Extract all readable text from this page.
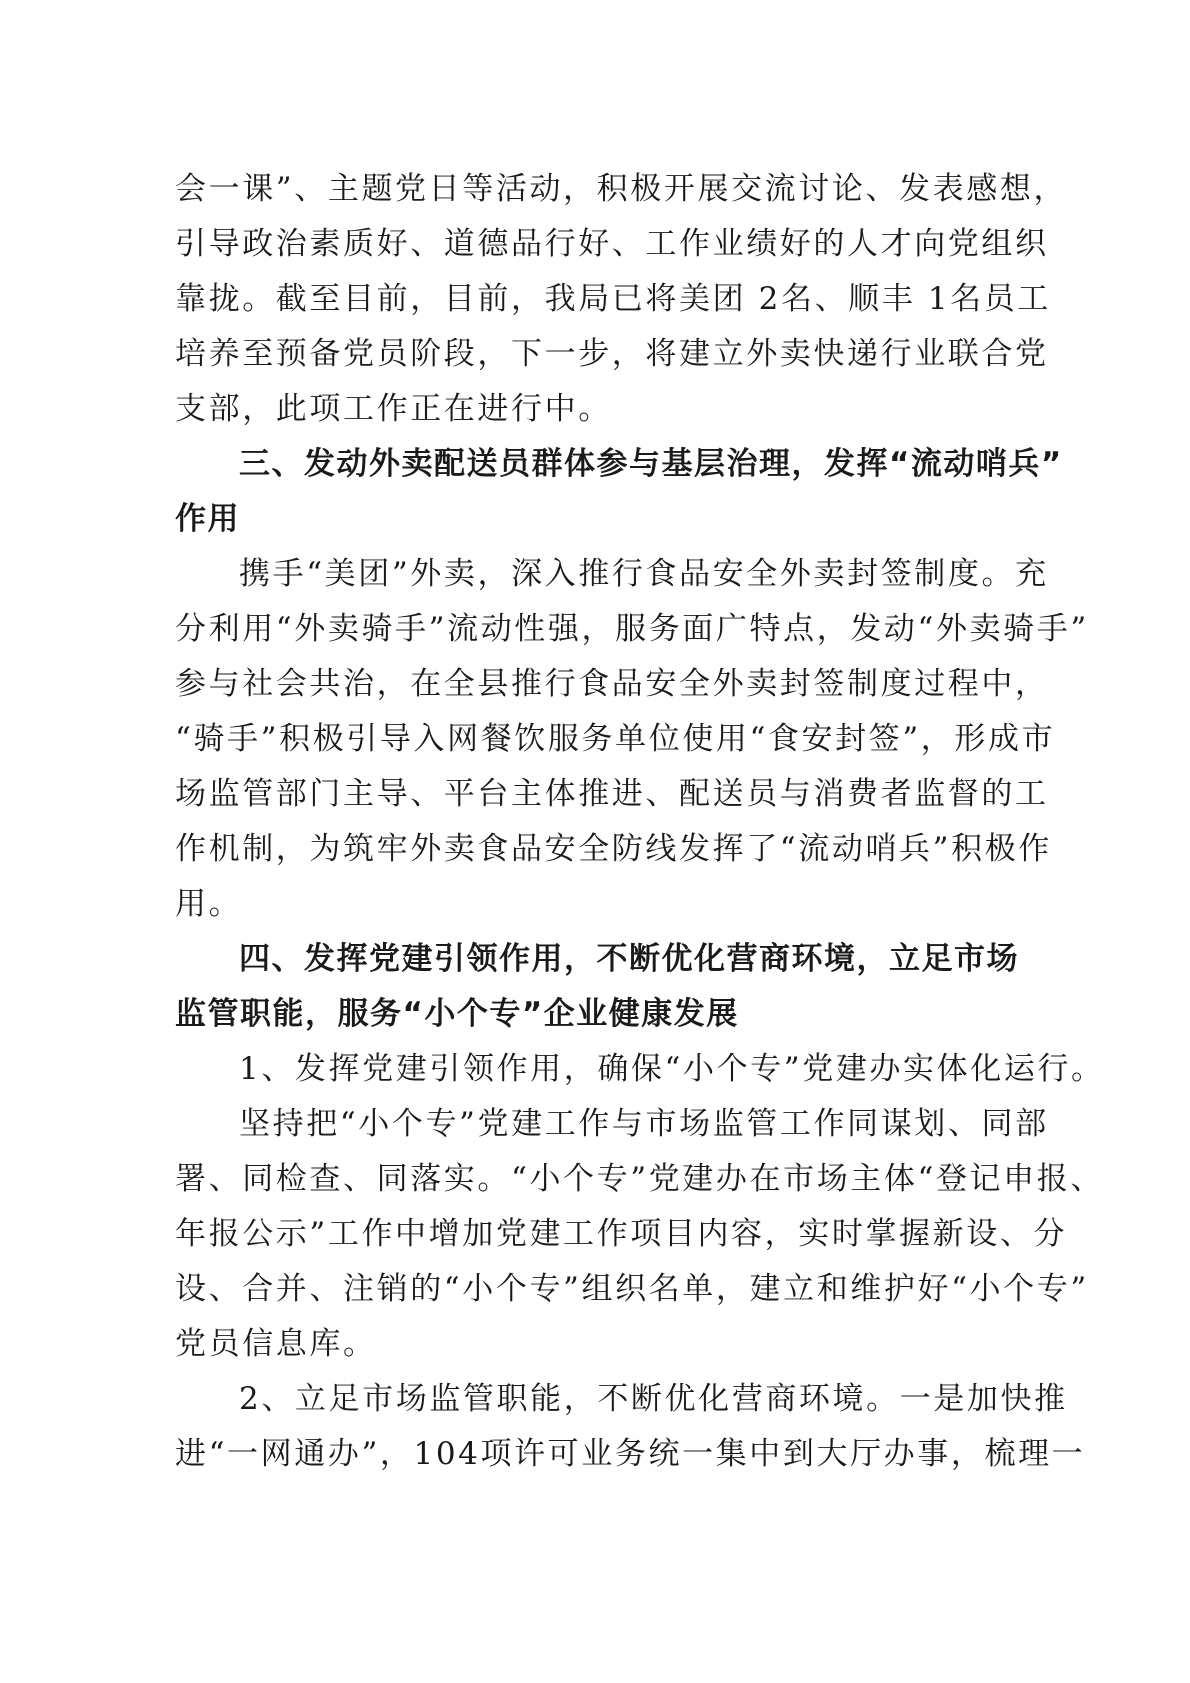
会一课”、主题党日等活动，积极开展交流讨论、发表感想，
引导政治素质好、道德品行好、工作业绩好的人才向党组织
靠拢。截至目前，目前，我局已将美团 2名、顺丰 1名员工
培养至预备党员阶段，下一步，将建立外卖快递行业联合党
支部，此项工作正在进行中。
三、发动外卖配送员群体参与基层治理，发挥“流动哨兵”
作用
携手“美团”外卖，深入推行食品安全外卖封签制度。充
分利用“外卖骑手”流动性强，服务面广特点，发动“外卖骑手”
参与社会共治，在全县推行食品安全外卖封签制度过程中，
“骑手”积极引导入网餐饮服务单位使用“食安封签”，形成市
场监管部门主导、平台主体推进、配送员与消费者监督的工
作机制，为筑牢外卖食品安全防线发挥了“流动哨兵”积极作
用。
四、发挥党建引领作用，不断优化营商环境，立足市场
监管职能，服务“小个专”企业健康发展
1、发挥党建引领作用，确保“小个专”党建办实体化运行。
坚持把“小个专”党建工作与市场监管工作同谋划、同部
署、同检查、同落实。“小个专”党建办在市场主体“登记申报、
年报公示”工作中增加党建工作项目内容，实时掌握新设、分
设、合并、注销的“小个专”组织名单，建立和维护好“小个专”
党员信息库。
2、立足市场监管职能，不断优化营商环境。一是加快推
进“一网通办”，104项许可业务统一集中到大厅办事，梳理一
